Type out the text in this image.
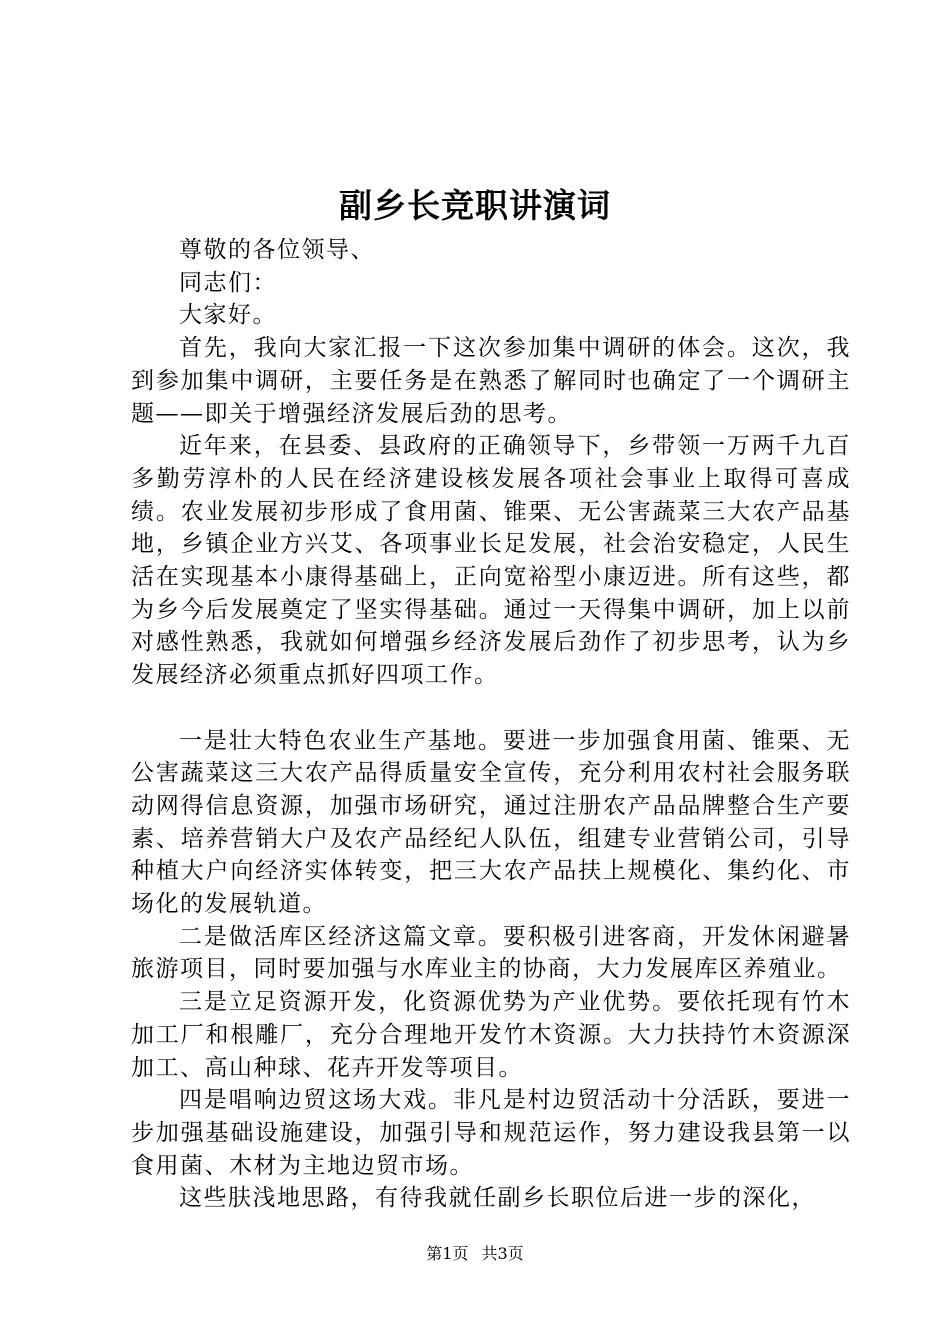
副乡长竞职讲演词

尊敬的各位领导、

同志们：

大家好。

首先，我向大家汇报一下这次参加集中调研的体会。这次，我到参加集中调研，主要任务是在熟悉了解同时也确定了一个调研主题——即关于增强经济发展后劲的思考。

近年来，在县委、县政府的正确领导下，乡带领一万两千九百多勤劳淳朴的人民在经济建设核发展各项社会事业上取得可喜成绩。农业发展初步形成了食用菌、锥栗、无公害蔬菜三大农产品基地，乡镇企业方兴艾、各项事业长足发展，社会治安稳定，人民生活在实现基本小康得基础上，正向宽裕型小康迈进。所有这些，都为乡今后发展奠定了坚实得基础。通过一天得集中调研，加上以前对感性熟悉，我就如何增强乡经济发展后劲作了初步思考，认为乡发展经济必须重点抓好四项工作。

一是壮大特色农业生产基地。要进一步加强食用菌、锥栗、无公害蔬菜这三大农产品得质量安全宣传，充分利用农村社会服务联动网得信息资源，加强市场研究，通过注册农产品品牌整合生产要素、培养营销大户及农产品经纪人队伍，组建专业营销公司，引导种植大户向经济实体转变，把三大农产品扶上规模化、集约化、市场化的发展轨道。

二是做活库区经济这篇文章。要积极引进客商，开发休闲避暑旅游项目，同时要加强与水库业主的协商，大力发展库区养殖业。

三是立足资源开发，化资源优势为产业优势。要依托现有竹木加工厂和根雕厂，充分合理地开发竹木资源。大力扶持竹木资源深加工、高山种球、花卉开发等项目。

四是唱响边贸这场大戏。非凡是村边贸活动十分活跃，要进一步加强基础设施建设，加强引导和规范运作，努力建设我县第一以食用菌、木材为主地边贸市场。

这些肤浅地思路，有待我就任副乡长职位后进一步的深化，

第1页 共3页
